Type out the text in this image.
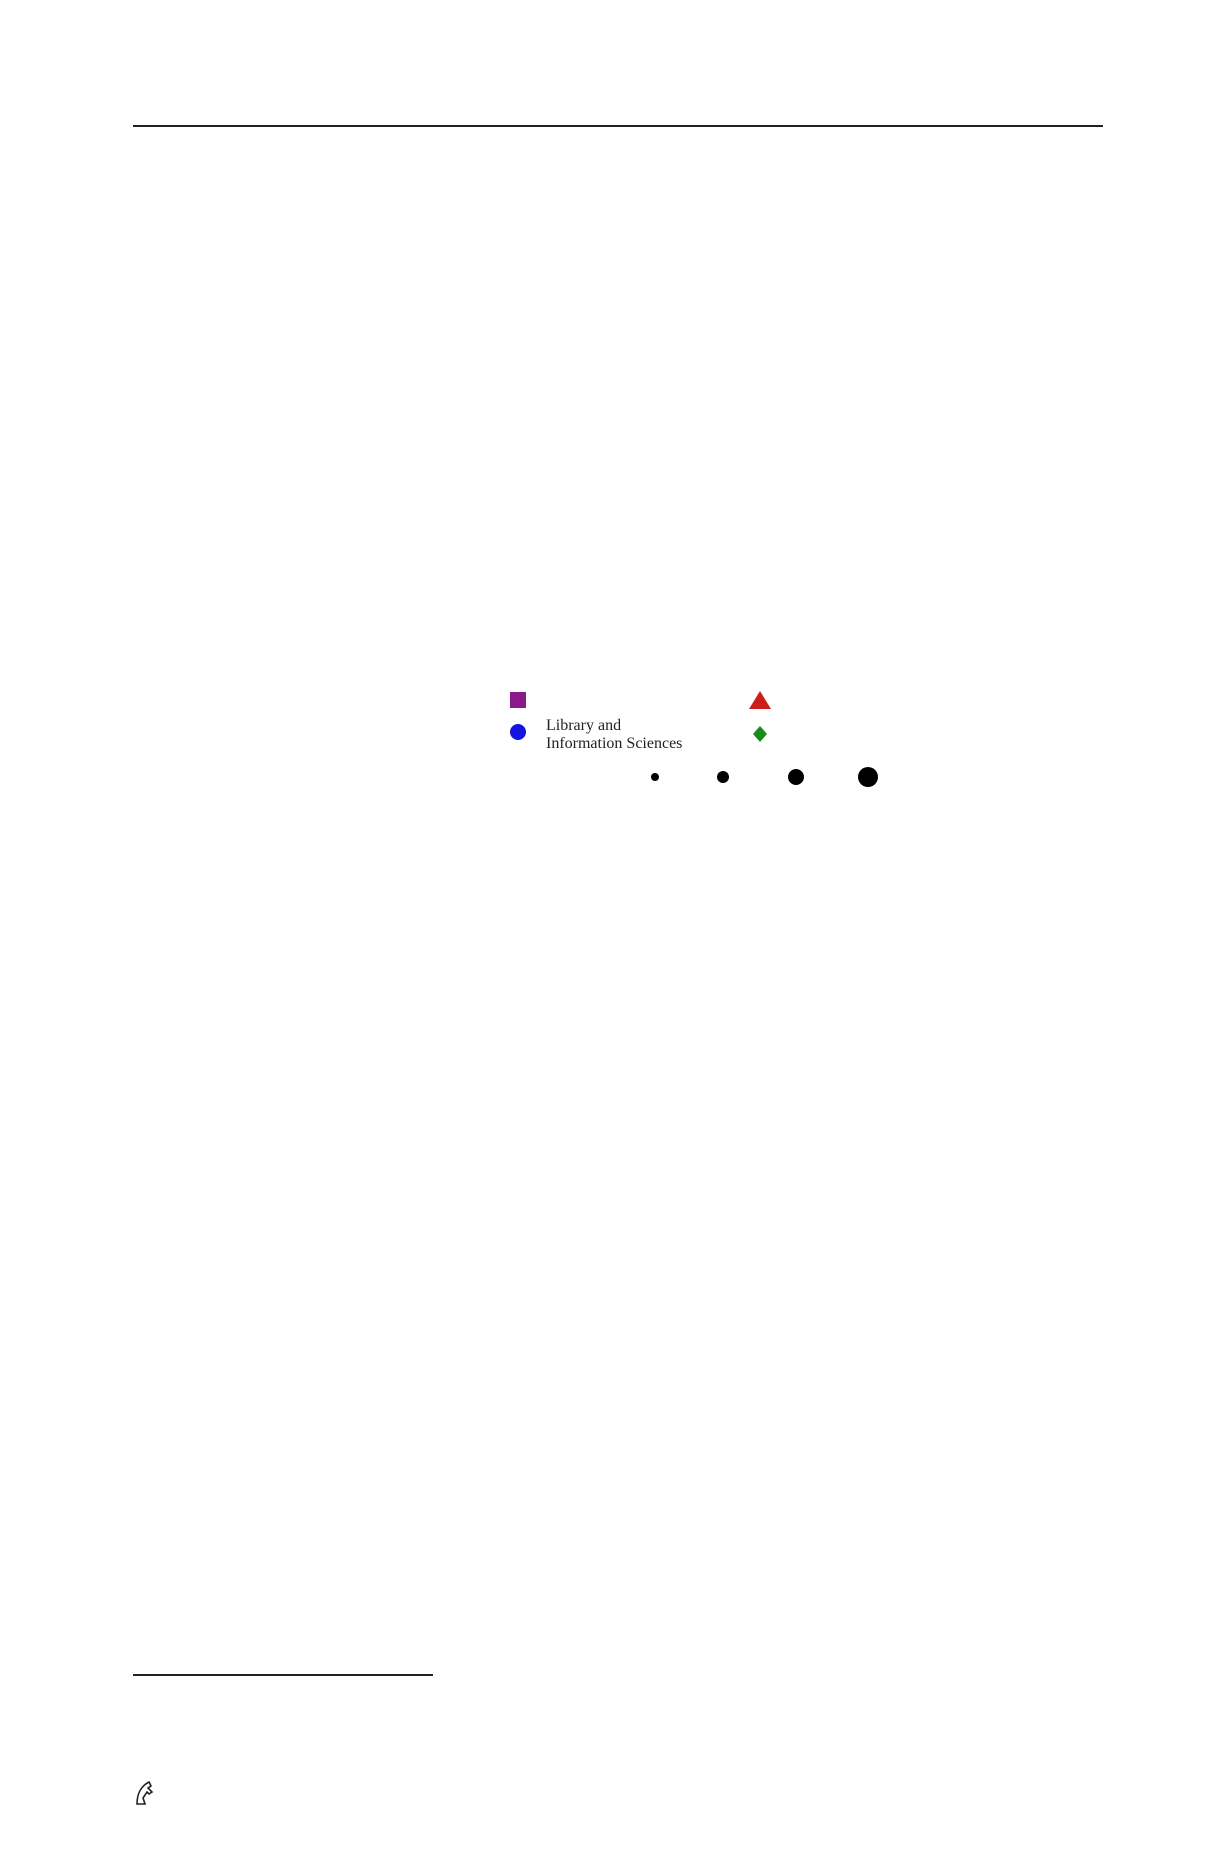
Library and Information Sciences
